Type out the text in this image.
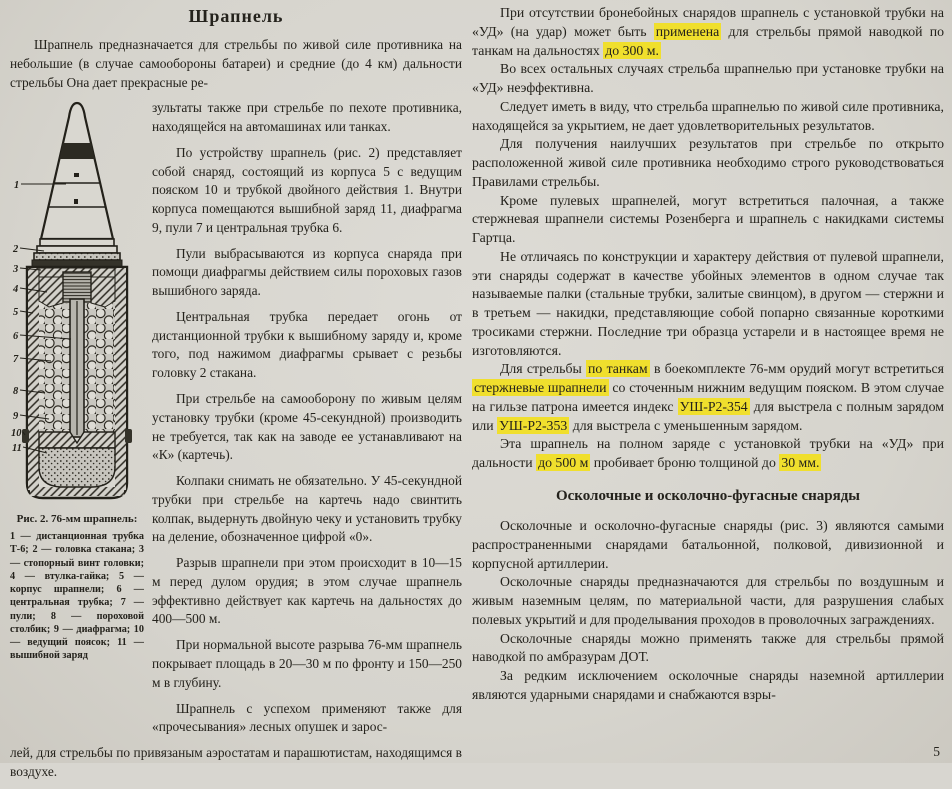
Шрапнель

Шрапнель предназначается для стрельбы по живой силе противника на небольшие (в случае самообороны батареи) и средние (до 4 км) дальности стрельбы Она дает прекрасные ре-

1
2
3
4
5
6
7
8
9
10
11
Рис. 2. 76-мм шрапнель:
1 — дистанционная трубка Т-6; 2 — головка стакана; 3 — стопорный винт головки; 4 — втулка-гайка; 5 — корпус шрапнели; 6 — центральная трубка; 7 — пули; 8 — пороховой столбик; 9 — диафрагма; 10 — ведущий поясок; 11 — вышибной заряд

зультаты также при стрельбе по пехоте противника, находящейся на автомашинах или танках.

По устройству шрапнель (рис. 2) представляет собой снаряд, состоящий из корпуса 5 с ведущим пояском 10 и трубкой двойного действия 1. Внутри корпуса помещаются вышибной заряд 11, диафрагма 9, пули 7 и центральная трубка 6.

Пули выбрасываются из корпуса снаряда при помощи диафрагмы действием силы пороховых газов вышибного заряда.

Центральная трубка передает огонь от дистанционной трубки к вышибному заряду и, кроме того, под нажимом диафрагмы срывает с резьбы головку 2 стакана.

При стрельбе на самооборону по живым целям установку трубки (кроме 45-секундной) производить не требуется, так как на заводе ее устанавливают на «К» (картечь).

Колпаки снимать не обязательно. У 45-секундной трубки при стрельбе на картечь надо свинтить колпак, выдернуть двойную чеку и установить трубку на деление, обозначенное цифрой «0».

Разрыв шрапнели при этом происходит в 10—15 м перед дулом орудия; в этом случае шрапнель эффективно действует как картечь на дальностях до 400—500 м.

При нормальной высоте разрыва 76-мм шрапнель покрывает площадь в 20—30 м по фронту и 150—250 м в глубину.

Шрапнель с успехом применяют также для «прочесывания» лесных опушек и зарос-

лей, для стрельбы по привязаным аэростатам и парашютистам, находящимся в воздухе.

При отсутствии бронебойных снарядов шрапнель с установкой трубки на «УД» (на удар) может быть применена для стрельбы прямой наводкой по танкам на дальностях до 300 м.

Во всех остальных случаях стрельба шрапнелью при установке трубки на «УД» неэффективна.

Следует иметь в виду, что стрельба шрапнелью по живой силе противника, находящейся за укрытием, не дает удовлетворительных результатов.

Для получения наилучших результатов при стрельбе по открыто расположенной живой силе противника необходимо строго руководствоваться Правилами стрельбы.

Кроме пулевых шрапнелей, могут встретиться палочная, а также стержневая шрапнели системы Розенберга и шрапнель с накидками системы Гартца.

Не отличаясь по конструкции и характеру действия от пулевой шрапнели, эти снаряды содержат в качестве убойных элементов в одном случае так называемые палки (стальные трубки, залитые свинцом), в другом — стержни и в третьем — накидки, представляющие собой попарно связанные короткими тросиками стержни. Последние три образца устарели и в настоящее время не изготовляются.

Для стрельбы по танкам в боекомплекте 76-мм орудий могут встретиться стержневые шрапнели со сточенным нижним ведущим пояском. В этом случае на гильзе патрона имеется индекс УШ-Р2-354 для выстрела с полным зарядом или УШ-Р2-353 для выстрела с уменьшенным зарядом.

Эта шрапнель на полном заряде с установкой трубки на «УД» при дальности до 500 м пробивает броню толщиной до 30 мм.

Осколочные и осколочно-фугасные снаряды

Осколочные и осколочно-фугасные снаряды (рис. 3) являются самыми распространенными снарядами батальонной, полковой, дивизионной и корпусной артиллерии.

Осколочные снаряды предназначаются для стрельбы по воздушным и живым наземным целям, по материальной части, для разрушения слабых полевых укрытий и для проделывания проходов в проволочных заграждениях.

Осколочные снаряды можно применять также для стрельбы прямой наводкой по амбразурам ДОТ.

За редким исключением осколочные снаряды наземной артиллерии являются ударными снарядами и снабжаются взры-

5
